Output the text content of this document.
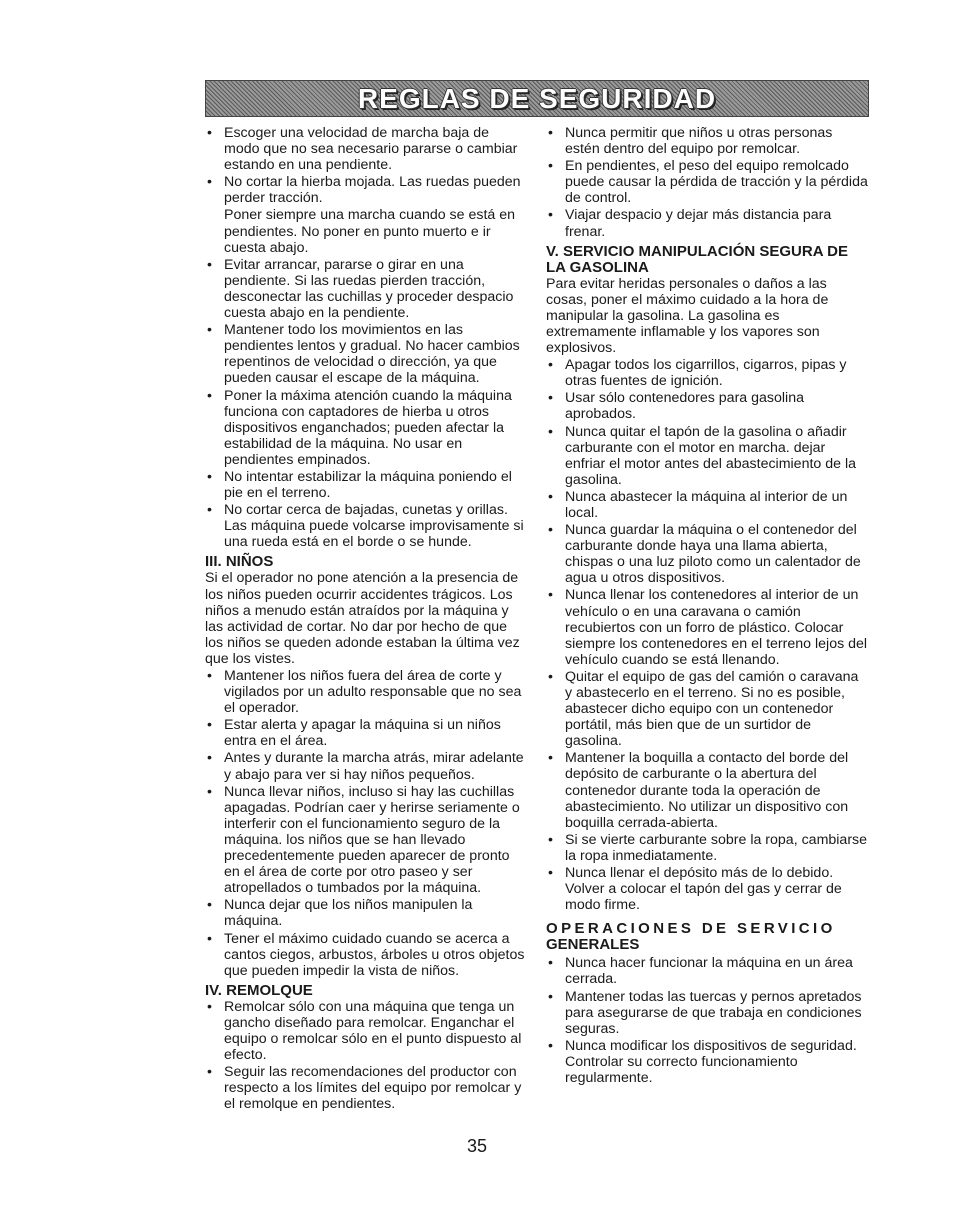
REGLAS DE SEGURIDAD
• Escoger una velocidad de marcha baja de modo que no sea necesario pararse o cambiar estando en una pendiente.
• No cortar la hierba mojada. Las ruedas pueden perder tracción.
Poner siempre una marcha cuando se está en pendientes. No poner en punto muerto e ir cuesta abajo.
• Evitar arrancar, pararse o girar en una pendiente. Si las ruedas pierden tracción, desconectar las cuchillas y proceder despacio cuesta abajo en la pendiente.
• Mantener todo los movimientos en las pendientes lentos y gradual. No hacer cambios repentinos de velocidad o dirección, ya que pueden causar el escape de la máquina.
• Poner la máxima atención cuando la máquina funciona con captadores de hierba u otros dispositivos enganchados; pueden afectar la estabilidad de la máquina. No usar en pendientes empinados.
• No intentar estabilizar la máquina poniendo el pie en el terreno.
• No cortar cerca de bajadas, cunetas y orillas. Las máquina puede volcarse improvisamente si una rueda está en el borde o se hunde.
III. NIÑOS

Si el operador no pone atención a la presencia de los niños pueden ocurrir accidentes trágicos. Los niños a menudo están atraídos por la máquina y las actividad de cortar. No dar por hecho de que los niños se queden adonde estaban la última vez que los vistes.

• Mantener los niños fuera del área de corte y vigilados por un adulto responsable que no sea el operador.
• Estar alerta y apagar la máquina si un niños entra en el área.
• Antes y durante la marcha atrás, mirar adelante y abajo para ver si hay niños pequeños.
• Nunca llevar niños, incluso si hay las cuchillas apagadas. Podrían caer y herirse seriamente o interferir con el funcionamiento seguro de la máquina. los niños que se han llevado precedentemente pueden aparecer de pronto en el área de corte por otro paseo y ser atropellados o tumbados por la máquina.
• Nunca dejar que los niños manipulen la máquina.
• Tener el máximo cuidado cuando se acerca a cantos ciegos, arbustos, árboles u otros objetos que pueden impedir la vista de niños.
IV. REMOLQUE
• Remolcar sólo con una máquina que tenga un gancho diseñado para remolcar. Enganchar el equipo o remolcar sólo en el punto dispuesto al efecto.
• Seguir las recomendaciones del productor con respecto a los límites del equipo por remolcar y el remolque en pendientes.
• Nunca permitir que niños u otras personas estén dentro del equipo por remolcar.
• En pendientes, el peso del equipo remolcado puede causar la pérdida de tracción y la pérdida de control.
• Viajar despacio y dejar más distancia para frenar.
V. SERVICIO MANIPULACIÓN SEGURA DE LA GASOLINA

Para evitar heridas personales o daños a las cosas, poner el máximo cuidado a la hora de manipular la gasolina. La gasolina es extremamente inflamable y los vapores son explosivos.

• Apagar todos los cigarrillos, cigarros, pipas y otras fuentes de ignición.
• Usar sólo contenedores para gasolina aprobados.
• Nunca quitar el tapón de la gasolina o añadir carburante con el motor en marcha. dejar enfriar el motor antes del abastecimiento de la gasolina.
• Nunca abastecer la máquina al interior de un local.
• Nunca guardar la máquina o el contenedor del carburante donde haya una llama abierta, chispas o una luz piloto como un calentador de agua u otros dispositivos.
• Nunca llenar los contenedores al interior de un vehículo o en una caravana o camión recubiertos con un forro de plástico. Colocar siempre los contenedores en el terreno lejos del vehículo cuando se está llenando.
• Quitar el equipo de gas del camión o caravana y abastecerlo en el terreno. Si no es posible, abastecer dicho equipo con un contenedor portátil, más bien que de un surtidor de gasolina.
• Mantener la boquilla a contacto del borde del depósito de carburante o la abertura del contenedor durante toda la operación de abastecimiento. No utilizar un dispositivo con boquilla cerrada-abierta.
• Si se vierte carburante sobre la ropa, cambiarse la ropa inmediatamente.
• Nunca llenar el depósito más de lo debido. Volver a colocar el tapón del gas y cerrar de modo firme.
OPERACIONES DE SERVICIO
GENERALES
• Nunca hacer funcionar la máquina en un área cerrada.
• Mantener todas las tuercas y pernos apretados para asegurarse de que trabaja en condiciones seguras.
• Nunca modificar los dispositivos de seguridad. Controlar su correcto funcionamiento regularmente.
35
